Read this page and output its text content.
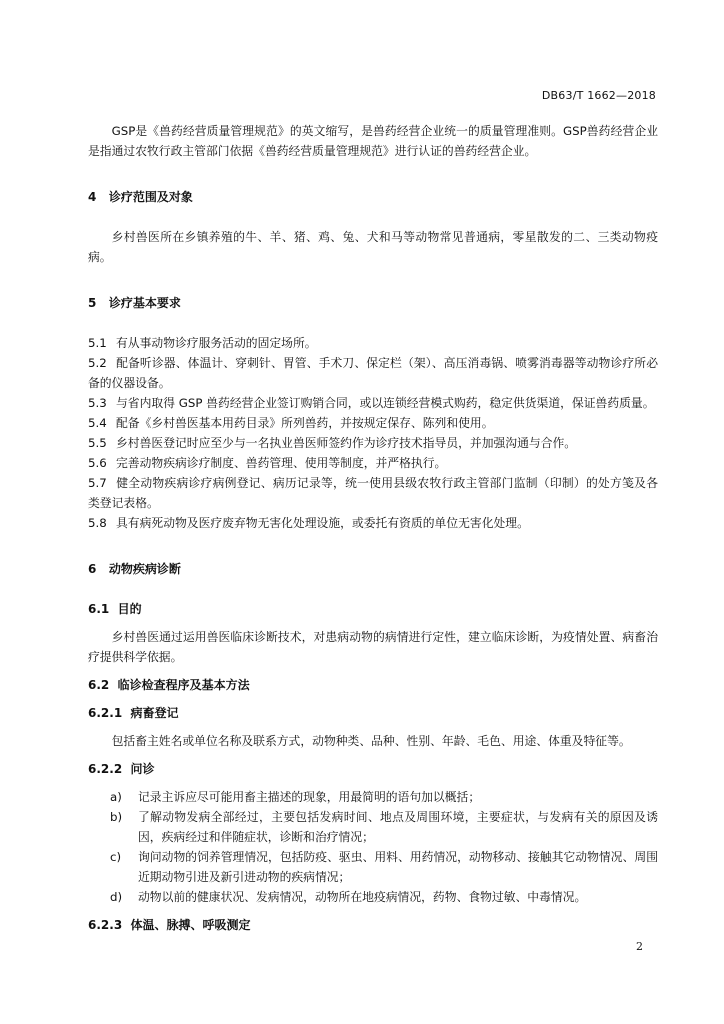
DB63/T 1662—2018

GSP是《兽药经营质量管理规范》的英文缩写，是兽药经营企业统一的质量管理准则。GSP兽药经营企业是指通过农牧行政主管部门依据《兽药经营质量管理规范》进行认证的兽药经营企业。

4 诊疗范围及对象

乡村兽医所在乡镇养殖的牛、羊、猪、鸡、兔、犬和马等动物常见普通病，零星散发的二、三类动物疫病。

5 诊疗基本要求

5.1 有从事动物诊疗服务活动的固定场所。

5.2 配备听诊器、体温计、穿刺针、胃管、手术刀、保定栏（架）、高压消毒锅、喷雾消毒器等动物诊疗所必备的仪器设备。

5.3 与省内取得 GSP 兽药经营企业签订购销合同，或以连锁经营模式购药，稳定供货渠道，保证兽药质量。

5.4 配备《乡村兽医基本用药目录》所列兽药，并按规定保存、陈列和使用。

5.5 乡村兽医登记时应至少与一名执业兽医师签约作为诊疗技术指导员，并加强沟通与合作。

5.6 完善动物疾病诊疗制度、兽药管理、使用等制度，并严格执行。

5.7 健全动物疾病诊疗病例登记、病历记录等，统一使用县级农牧行政主管部门监制（印制）的处方笺及各类登记表格。

5.8 具有病死动物及医疗废弃物无害化处理设施，或委托有资质的单位无害化处理。

6 动物疾病诊断

6.1 目的

乡村兽医通过运用兽医临床诊断技术，对患病动物的病情进行定性，建立临床诊断，为疫情处置、病畜治疗提供科学依据。

6.2 临诊检查程序及基本方法

6.2.1 病畜登记

包括畜主姓名或单位名称及联系方式，动物种类、品种、性别、年龄、毛色、用途、体重及特征等。

6.2.2 问诊

a) 记录主诉应尽可能用畜主描述的现象，用最简明的语句加以概括；
b) 了解动物发病全部经过，主要包括发病时间、地点及周围环境，主要症状，与发病有关的原因及诱因，疾病经过和伴随症状，诊断和治疗情况；
c) 询问动物的饲养管理情况，包括防疫、驱虫、用料、用药情况，动物移动、接触其它动物情况、周围近期动物引进及新引进动物的疾病情况；
d) 动物以前的健康状况、发病情况，动物所在地疫病情况，药物、食物过敏、中毒情况。

6.2.3 体温、脉搏、呼吸测定

2
